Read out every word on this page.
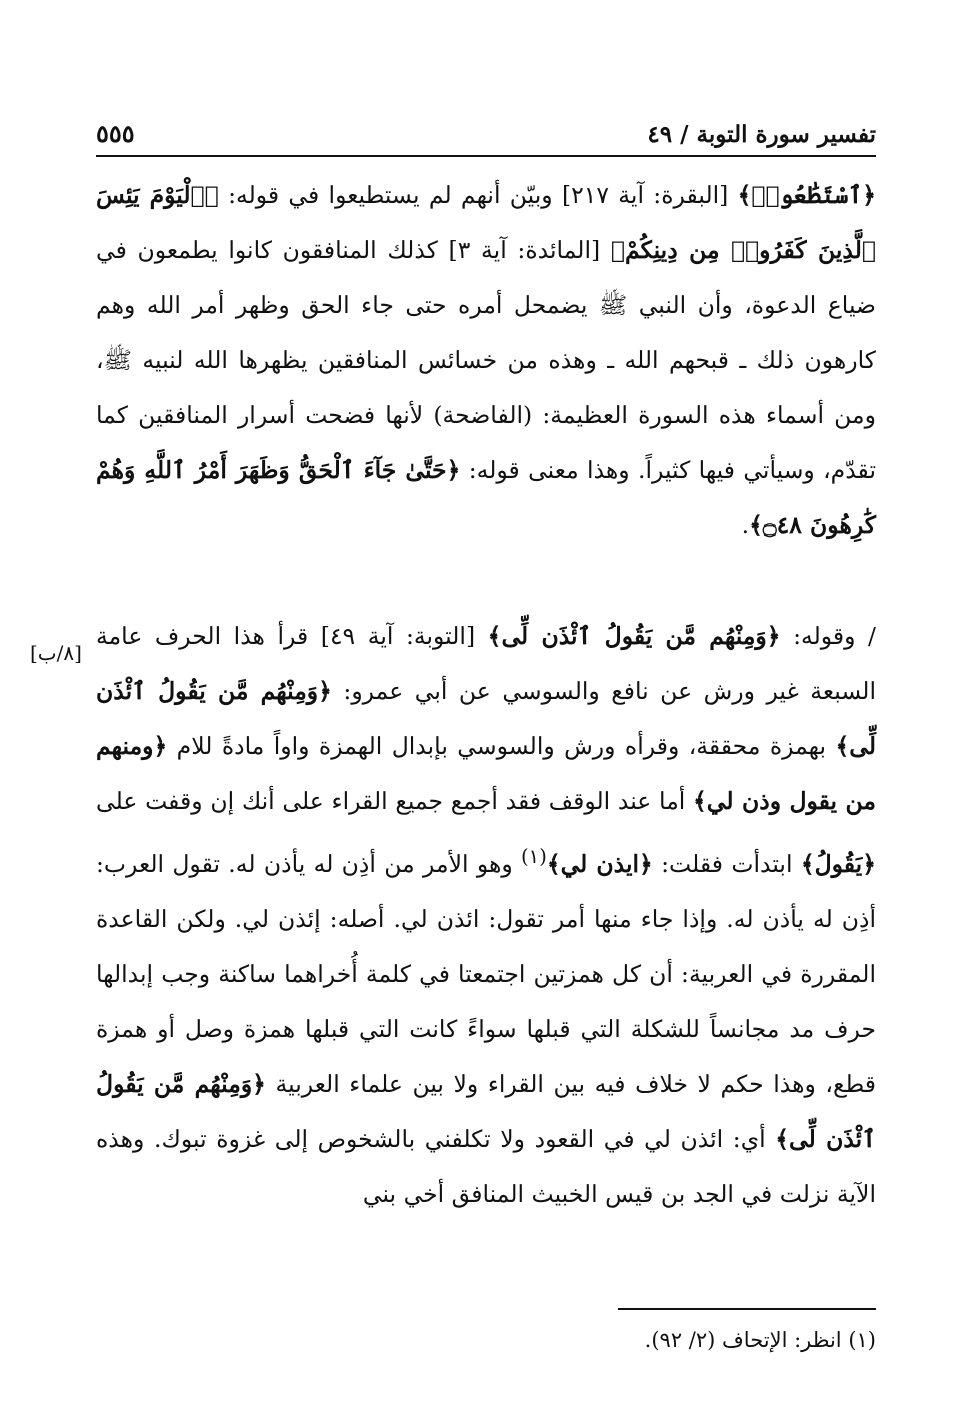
تفسير سورة التوبة / ٤٩
٥٥٥

﴿ٱسْتَطَٰعُوا۟﴾ [البقرة: آية ٢١٧] وبيّن أنهم لم يستطيعوا في قوله: ﴿ٱلْيَوْمَ يَئِسَ ٱلَّذِينَ كَفَرُوا۟ مِن دِينِكُمْ﴾ [المائدة: آية ٣] كذلك المنافقون كانوا يطمعون في ضياع الدعوة، وأن النبي ﷺ يضمحل أمره حتى جاء الحق وظهر أمر الله وهم كارهون ذلك ـ قبحهم الله ـ وهذه من خسائس المنافقين يظهرها الله لنبيه ﷺ، ومن أسماء هذه السورة العظيمة: (الفاضحة) لأنها فضحت أسرار المنافقين كما تقدّم، وسيأتي فيها كثيراً. وهذا معنى قوله: ﴿حَتَّىٰ جَآءَ ٱلْحَقُّ وَظَهَرَ أَمْرُ ٱللَّهِ وَهُمْ كَٰرِهُونَ ۝٤٨﴾.

/ وقوله: ﴿وَمِنْهُم مَّن يَقُولُ ٱئْذَن لِّى﴾ [التوبة: آية ٤٩] قرأ هذا الحرف عامة السبعة غير ورش عن نافع والسوسي عن أبي عمرو: ﴿وَمِنْهُم مَّن يَقُولُ ٱئْذَن لِّى﴾ بهمزة محققة، وقرأه ورش والسوسي بإبدال الهمزة واواً مادةً للام ﴿ومنهم من يقول وذن لي﴾ أما عند الوقف فقد أجمع جميع القراء على أنك إن وقفت على ﴿يَقُولُ﴾ ابتدأت فقلت: ﴿ايذن لي﴾$^{(١)}$ وهو الأمر من أذِن له يأذن له. تقول العرب: أذِن له يأذن له. وإذا جاء منها أمر تقول: ائذن لي. أصله: إئذن لي. ولكن القاعدة المقررة في العربية: أن كل همزتين اجتمعتا في كلمة أُخراهما ساكنة وجب إبدالها حرف مد مجانساً للشكلة التي قبلها سواءً كانت التي قبلها همزة وصل أو همزة قطع، وهذا حكم لا خلاف فيه بين القراء ولا بين علماء العربية ﴿وَمِنْهُم مَّن يَقُولُ ٱئْذَن لِّى﴾ أي: ائذن لي في القعود ولا تكلفني بالشخوص إلى غزوة تبوك. وهذه الآية نزلت في الجد بن قيس الخبيث المنافق أخي بني

[٨/ب]
(١) انظر: الإتحاف (٢/ ٩٢).
